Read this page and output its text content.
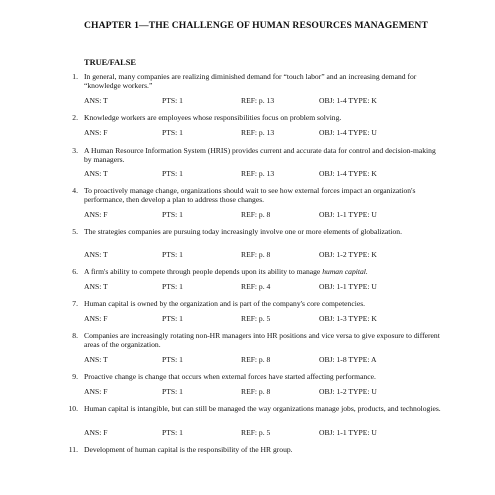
CHAPTER 1—THE CHALLENGE OF HUMAN RESOURCES MANAGEMENT
TRUE/FALSE
1. In general, many companies are realizing diminished demand for “touch labor” and an increasing demand for “knowledge workers.”
ANS: T	PTS: 1	REF: p. 13	OBJ: 1-4 TYPE: K
2. Knowledge workers are employees whose responsibilities focus on problem solving.
ANS: F	PTS: 1	REF: p. 13	OBJ: 1-4 TYPE: U
3. A Human Resource Information System (HRIS) provides current and accurate data for control and decision-making by managers.
ANS: T	PTS: 1	REF: p. 13	OBJ: 1-4 TYPE: K
4. To proactively manage change, organizations should wait to see how external forces impact an organization's performance, then develop a plan to address those changes.
ANS: F	PTS: 1	REF: p. 8	OBJ: 1-1 TYPE: U
5. The strategies companies are pursuing today increasingly involve one or more elements of globalization.
ANS: T	PTS: 1	REF: p. 8	OBJ: 1-2 TYPE: K
6. A firm's ability to compete through people depends upon its ability to manage human capital.
ANS: T	PTS: 1	REF: p. 4	OBJ: 1-1 TYPE: U
7. Human capital is owned by the organization and is part of the company's core competencies.
ANS: F	PTS: 1	REF: p. 5	OBJ: 1-3 TYPE: K
8. Companies are increasingly rotating non-HR managers into HR positions and vice versa to give exposure to different areas of the organization.
ANS: T	PTS: 1	REF: p. 8	OBJ: 1-8 TYPE: A
9. Proactive change is change that occurs when external forces have started affecting performance.
ANS: F	PTS: 1	REF: p. 8	OBJ: 1-2 TYPE: U
10. Human capital is intangible, but can still be managed the way organizations manage jobs, products, and technologies.
ANS: F	PTS: 1	REF: p. 5	OBJ: 1-1 TYPE: U
11. Development of human capital is the responsibility of the HR group.
